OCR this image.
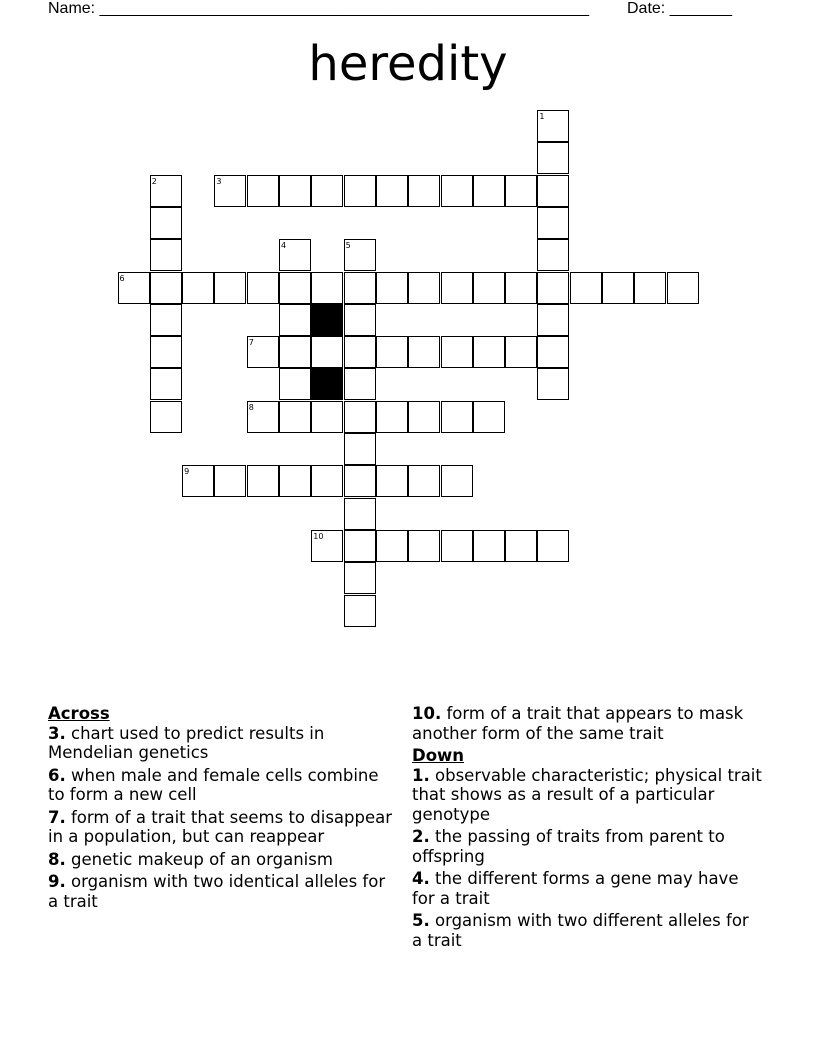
Name: _______________________________________________________ Date: _______
heredity
1
2	3
4	5
6
7
8
9
10
Across
3. chart used to predict results in Mendelian genetics
6. when male and female cells combine to form a new cell
7. form of a trait that seems to disappear in a population, but can reappear
8. genetic makeup of an organism
9. organism with two identical alleles for a trait
10. form of a trait that appears to mask another form of the same trait
Down
1. observable characteristic; physical trait that shows as a result of a particular genotype
2. the passing of traits from parent to offspring
4. the different forms a gene may have for a trait
5. organism with two different alleles for a trait
